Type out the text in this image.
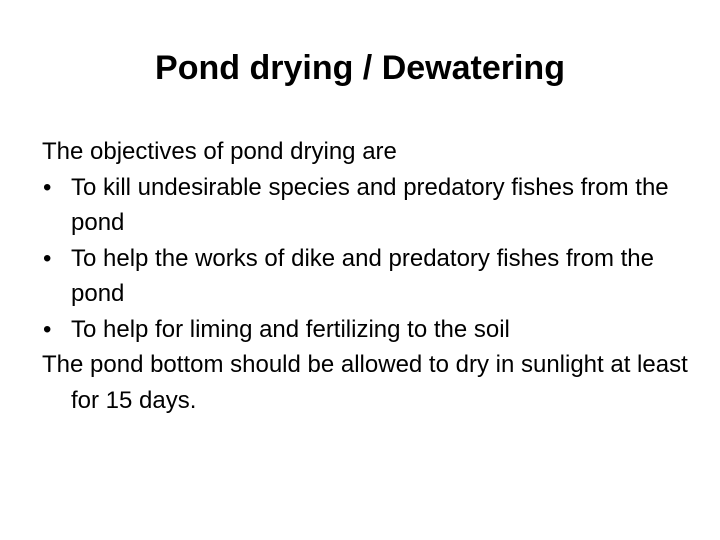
Pond drying / Dewatering

The objectives of pond drying are

• To kill undesirable species and predatory fishes from the pond
• To help the works of dike and predatory fishes from the pond
• To help for liming and fertilizing to the soil

The pond bottom should be allowed to dry in sunlight at least for 15 days.
